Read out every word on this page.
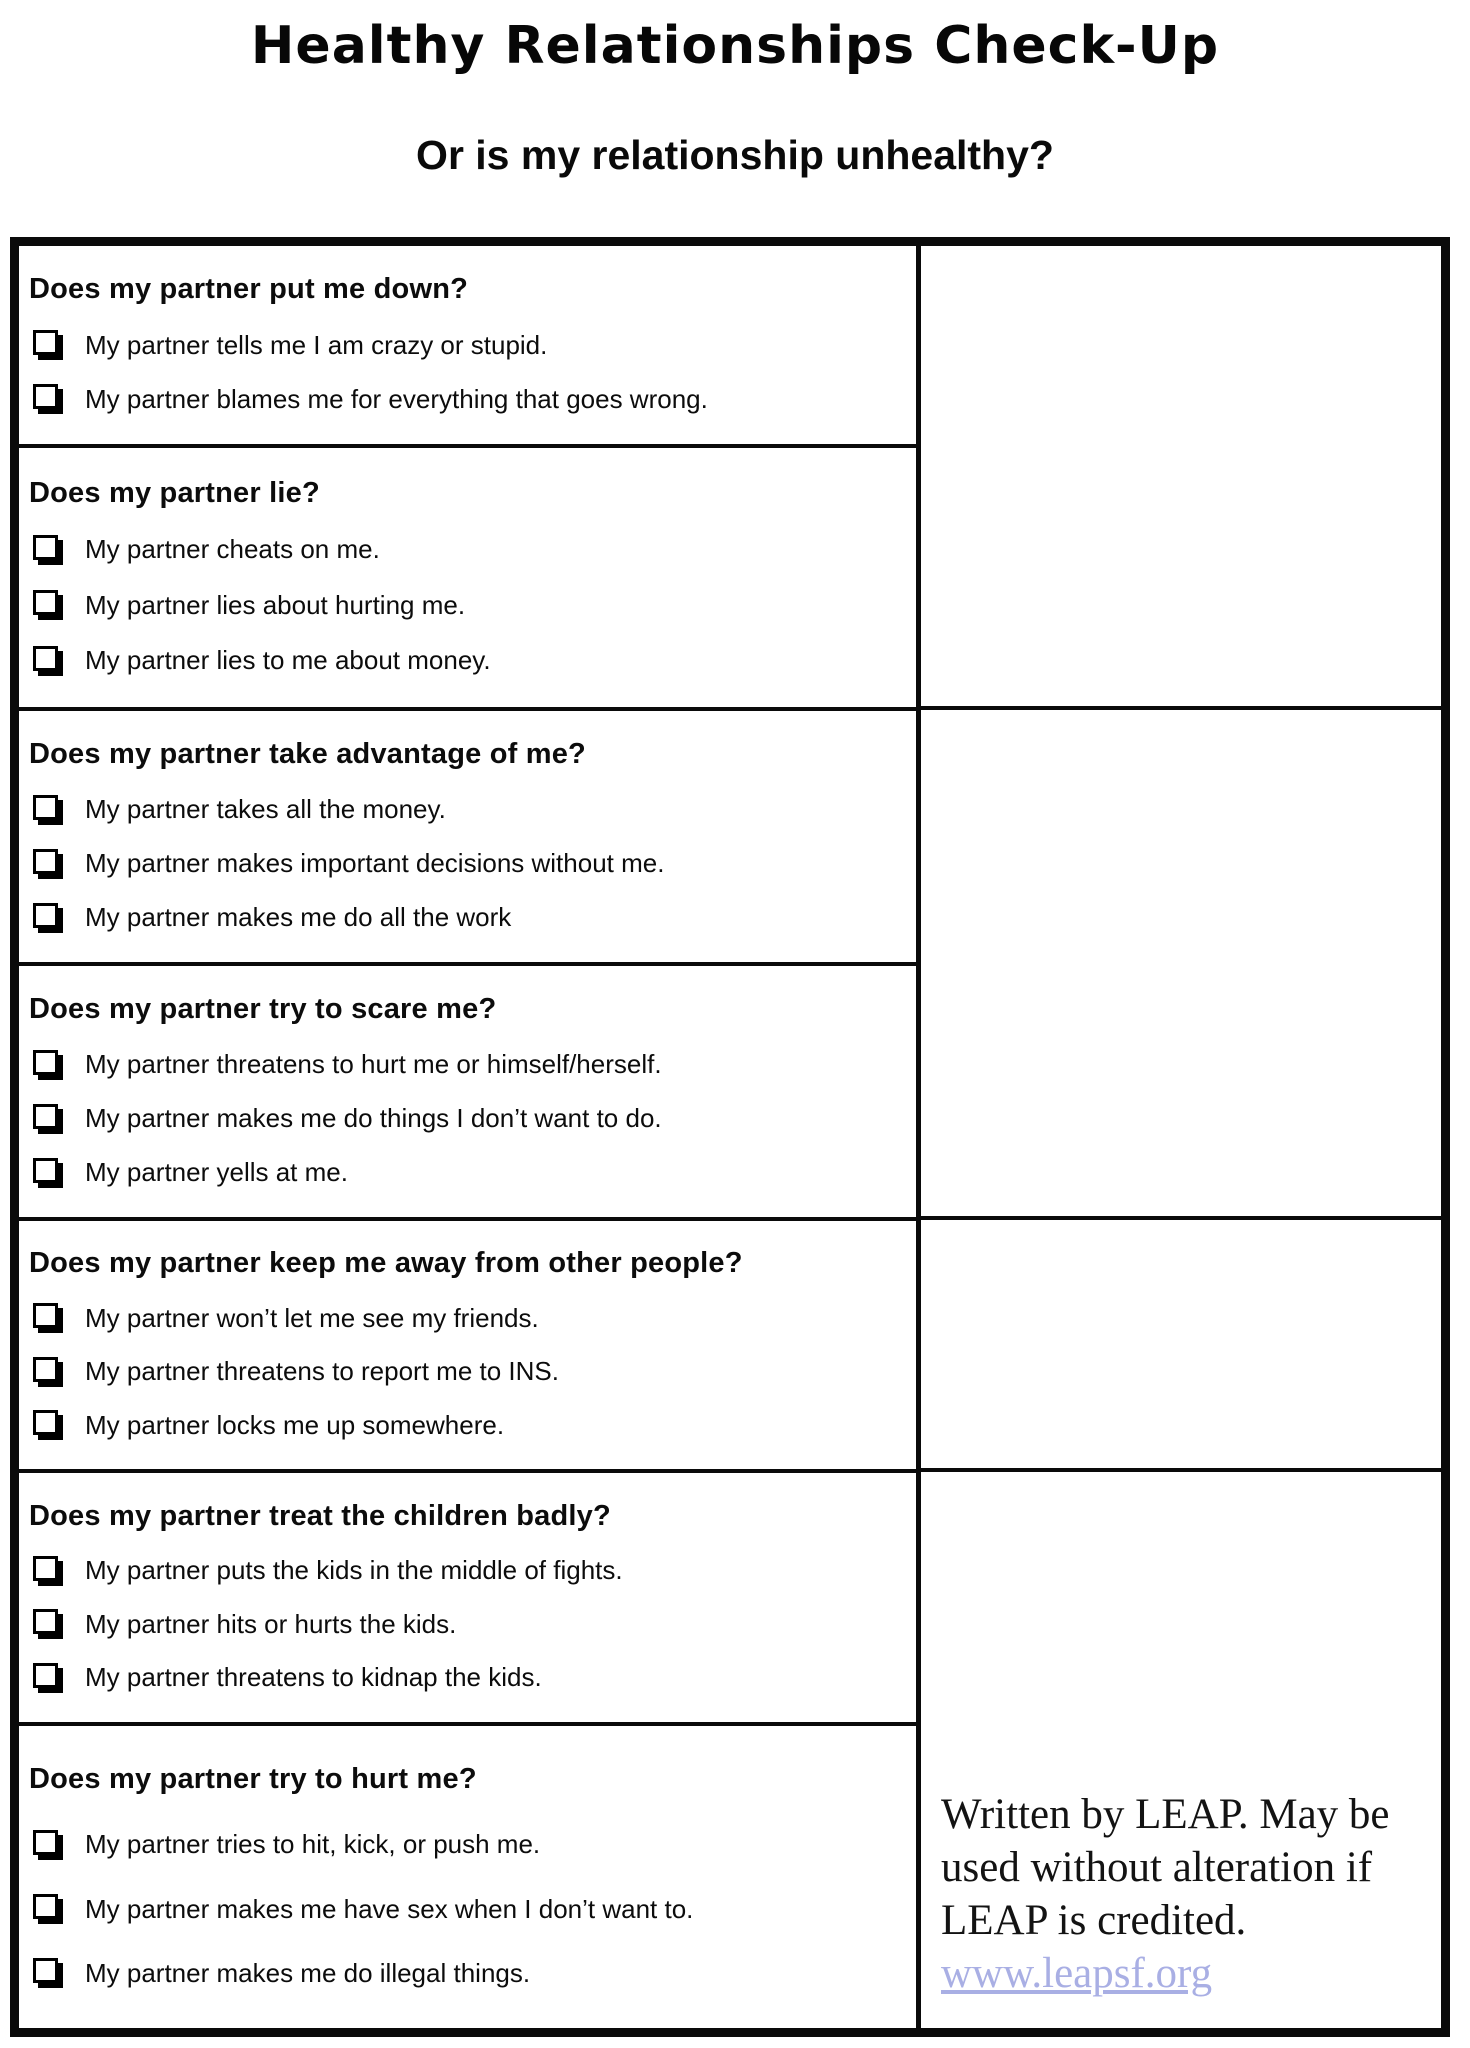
Healthy Relationships Check-Up
Or is my relationship unhealthy?
Does my partner put me down?
My partner tells me I am crazy or stupid.
My partner blames me for everything that goes wrong.
Does my partner lie?
My partner cheats on me.
My partner lies about hurting me.
My partner lies to me about money.
Does my partner take advantage of me?
My partner takes all the money.
My partner makes important decisions without me.
My partner makes me do all the work
Does my partner try to scare me?
My partner threatens to hurt me or himself/herself.
My partner makes me do things I don’t want to do.
My partner yells at me.
Does my partner keep me away from other people?
My partner won’t let me see my friends.
My partner threatens to report me to INS.
My partner locks me up somewhere.
Does my partner treat the children badly?
My partner puts the kids in the middle of fights.
My partner hits or hurts the kids.
My partner threatens to kidnap the kids.
Does my partner try to hurt me?
My partner tries to hit, kick, or push me.
My partner makes me have sex when I don’t want to.
My partner makes me do illegal things.
Written by LEAP. May be
used without alteration if
LEAP is credited.
www.leapsf.org
